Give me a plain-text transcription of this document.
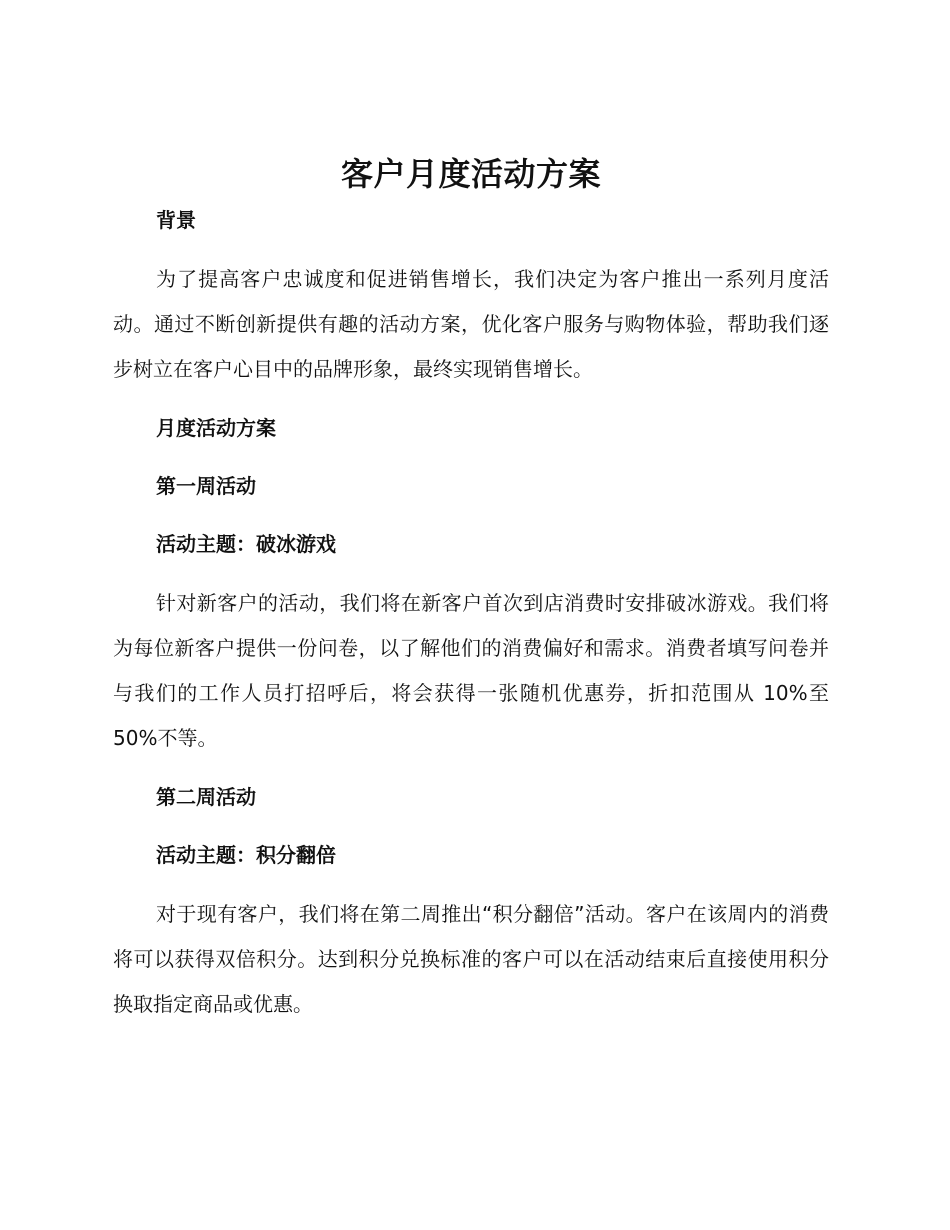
客户月度活动方案
背景

为了提高客户忠诚度和促进销售增长，我们决定为客户推出一系列月度活动。通过不断创新提供有趣的活动方案，优化客户服务与购物体验，帮助我们逐步树立在客户心目中的品牌形象，最终实现销售增长。

月度活动方案
第一周活动
活动主题：破冰游戏

针对新客户的活动，我们将在新客户首次到店消费时安排破冰游戏。我们将为每位新客户提供一份问卷，以了解他们的消费偏好和需求。消费者填写问卷并与我们的工作人员打招呼后，将会获得一张随机优惠券，折扣范围从 10%至 50%不等。

第二周活动
活动主题：积分翻倍

对于现有客户，我们将在第二周推出“积分翻倍”活动。客户在该周内的消费将可以获得双倍积分。达到积分兑换标准的客户可以在活动结束后直接使用积分换取指定商品或优惠。
